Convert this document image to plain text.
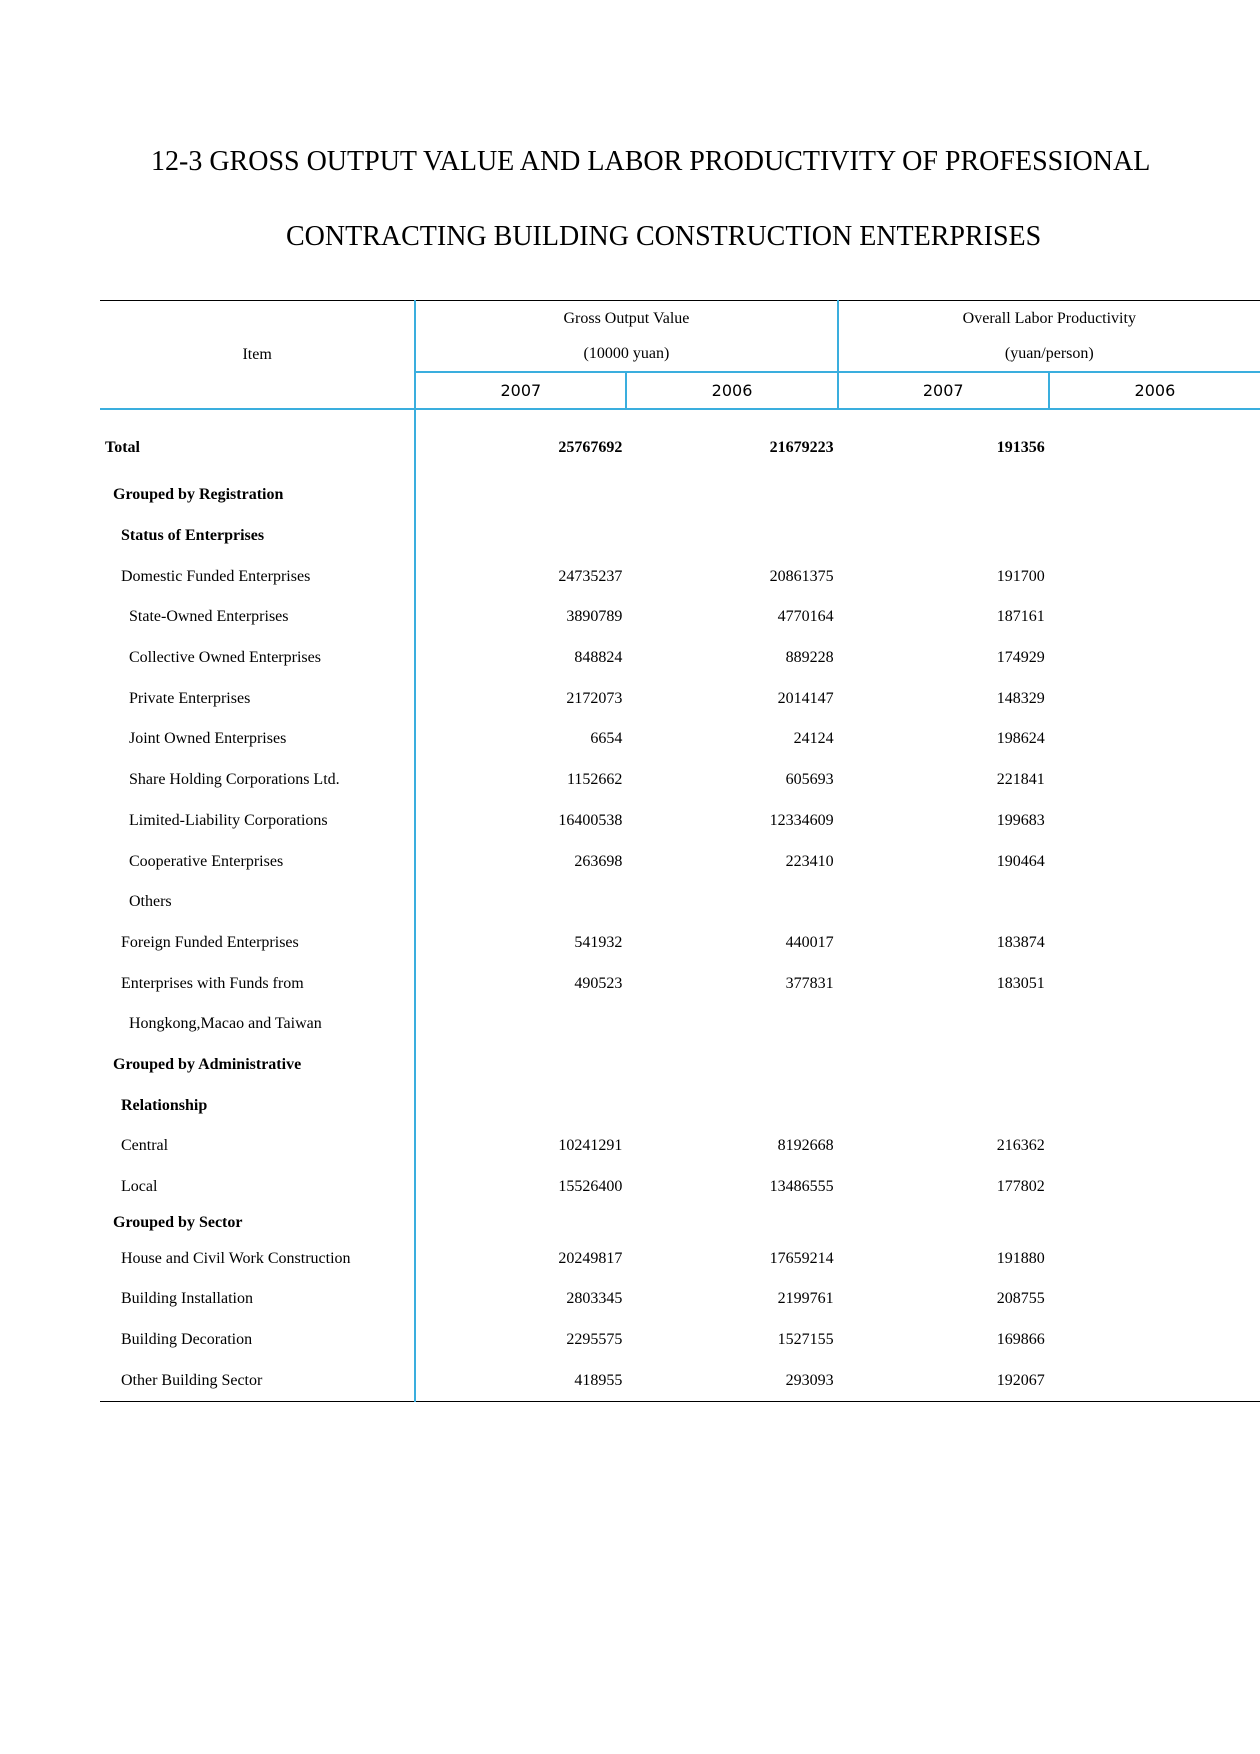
12-3 GROSS OUTPUT VALUE AND LABOR PRODUCTIVITY OF PROFESSIONAL
CONTRACTING BUILDING CONSTRUCTION ENTERPRISES
Item	Gross Output Value		Overall Labor Productivity	
	(10000 yuan)		(yuan/person)	
	2007	2006	2007	2006
Total	25767692	21679223	191356	
Grouped by Registration				
Status of Enterprises				
Domestic Funded Enterprises	24735237	20861375	191700	
State-Owned Enterprises	3890789	4770164	187161	
Collective Owned Enterprises	848824	889228	174929	
Private Enterprises	2172073	2014147	148329	
Joint Owned Enterprises	6654	24124	198624	
Share Holding Corporations Ltd.	1152662	605693	221841	
Limited-Liability Corporations	16400538	12334609	199683	
Cooperative Enterprises	263698	223410	190464	
Others				
Foreign Funded Enterprises	541932	440017	183874	
Enterprises with Funds from	490523	377831	183051	
Hongkong,Macao and Taiwan				
Grouped by Administrative				
Relationship				
Central	10241291	8192668	216362	
Local	15526400	13486555	177802	
Grouped by Sector				
House and Civil Work Construction	20249817	17659214	191880	
Building Installation	2803345	2199761	208755	
Building Decoration	2295575	1527155	169866	
Other Building Sector	418955	293093	192067	
